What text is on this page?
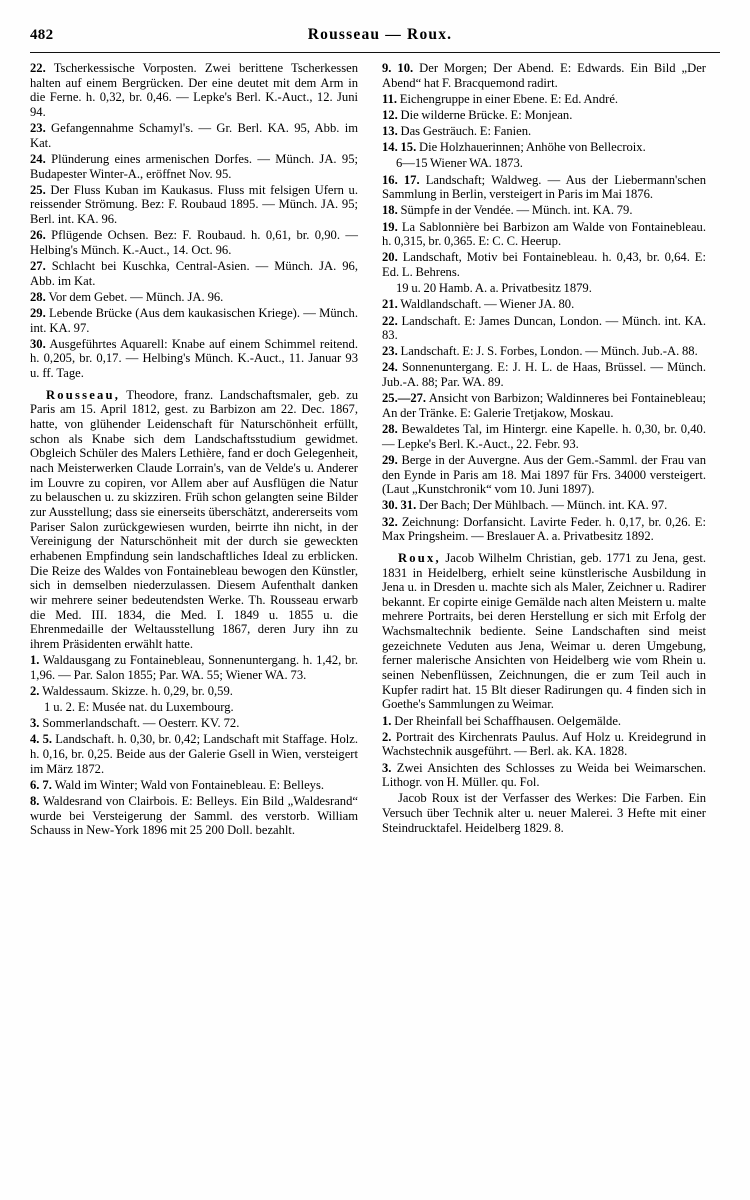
482	Rousseau — Roux.
22. Tscherkessische Vorposten. Zwei berittene Tscherkessen halten auf einem Bergrücken. Der eine deutet mit dem Arm in die Ferne. h. 0,32, br. 0,46. — Lepke's Berl. K.-Auct., 12. Juni 94.
23. Gefangennahme Schamyl's. — Gr. Berl. KA. 95, Abb. im Kat.
24. Plünderung eines armenischen Dorfes. — Münch. JA. 95; Budapester Winter-A., eröffnet Nov. 95.
25. Der Fluss Kuban im Kaukasus. Fluss mit felsigen Ufern u. reissender Strömung. Bez: F. Roubaud 1895. — Münch. JA. 95; Berl. int. KA. 96.
26. Pflügende Ochsen. Bez: F. Roubaud. h. 0,61, br. 0,90. — Helbing's Münch. K.-Auct., 14. Oct. 96.
27. Schlacht bei Kuschka, Central-Asien. — Münch. JA. 96, Abb. im Kat.
28. Vor dem Gebet. — Münch. JA. 96.
29. Lebende Brücke (Aus dem kaukasischen Kriege). — Münch. int. KA. 97.
30. Ausgeführtes Aquarell: Knabe auf einem Schimmel reitend. h. 0,205, br. 0,17. — Helbing's Münch. K.-Auct., 11. Januar 93 u. ff. Tage.
Rousseau, Theodore, franz. Landschaftsmaler, geb. zu Paris am 15. April 1812, gest. zu Barbizon am 22. Dec. 1867, hatte, von glühender Leidenschaft für Naturschönheit erfüllt, schon als Knabe sich dem Landschaftsstudium gewidmet. Obgleich Schüler des Malers Lethière, fand er doch Gelegenheit, nach Meisterwerken Claude Lorrain's, van de Velde's u. Anderer im Louvre zu copiren, vor Allem aber auf Ausflügen die Natur zu belauschen u. zu skizziren. Früh schon gelangten seine Bilder zur Ausstellung; dass sie einerseits überschätzt, andererseits vom Pariser Salon zurückgewiesen wurden, beirrte ihn nicht, in der Vereinigung der Naturschönheit mit der durch sie geweckten erhabenen Empfindung sein landschaftliches Ideal zu erblicken. Die Reize des Waldes von Fontainebleau bewogen den Künstler, sich in demselben niederzulassen. Diesem Aufenthalt danken wir mehrere seiner bedeutendsten Werke. Th. Rousseau erwarb die Med. III. 1834, die Med. I. 1849 u. 1855 u. die Ehrenmedaille der Weltausstellung 1867, deren Jury ihn zu ihrem Präsidenten erwählt hatte.
1. Waldausgang zu Fontainebleau, Sonnenuntergang. h. 1,42, br. 1,96. — Par. Salon 1855; Par. WA. 55; Wiener WA. 73.
2. Waldessaum. Skizze. h. 0,29, br. 0,59.
1 u. 2. E: Musée nat. du Luxembourg.
3. Sommerlandschaft. — Oesterr. KV. 72.
4. 5. Landschaft. h. 0,30, br. 0,42; Landschaft mit Staffage. Holz. h. 0,16, br. 0,25. Beide aus der Galerie Gsell in Wien, versteigert im März 1872.
6. 7. Wald im Winter; Wald von Fontainebleau. E: Belleys.
8. Waldesrand von Clairbois. E: Belleys. Ein Bild „Waldesrand“ wurde bei Versteigerung der Samml. des verstorb. William Schauss in New-York 1896 mit 25 200 Doll. bezahlt.
9. 10. Der Morgen; Der Abend. E: Edwards. Ein Bild „Der Abend“ hat F. Bracquemond radirt.
11. Eichengruppe in einer Ebene. E: Ed. André.
12. Die wilderne Brücke. E: Monjean.
13. Das Gesträuch. E: Fanien.
14. 15. Die Holzhauerinnen; Anhöhe von Bellecroix.
6—15 Wiener WA. 1873.
16. 17. Landschaft; Waldweg. — Aus der Liebermann'schen Sammlung in Berlin, versteigert in Paris im Mai 1876.
18. Sümpfe in der Vendée. — Münch. int. KA. 79.
19. La Sablonnière bei Barbizon am Walde von Fontainebleau. h. 0,315, br. 0,365. E: C. C. Heerup.
20. Landschaft, Motiv bei Fontainebleau. h. 0,43, br. 0,64. E: Ed. L. Behrens.
19 u. 20 Hamb. A. a. Privatbesitz 1879.
21. Waldlandschaft. — Wiener JA. 80.
22. Landschaft. E: James Duncan, London. — Münch. int. KA. 83.
23. Landschaft. E: J. S. Forbes, London. — Münch. Jub.-A. 88.
24. Sonnenuntergang. E: J. H. L. de Haas, Brüssel. — Münch. Jub.-A. 88; Par. WA. 89.
25.—27. Ansicht von Barbizon; Waldinneres bei Fontainebleau; An der Tränke. E: Galerie Tretjakow, Moskau.
28. Bewaldetes Tal, im Hintergr. eine Kapelle. h. 0,30, br. 0,40. — Lepke's Berl. K.-Auct., 22. Febr. 93.
29. Berge in der Auvergne. Aus der Gem.-Samml. der Frau van den Eynde in Paris am 18. Mai 1897 für Frs. 34000 versteigert. (Laut „Kunstchronik“ vom 10. Juni 1897).
30. 31. Der Bach; Der Mühlbach. — Münch. int. KA. 97.
32. Zeichnung: Dorfansicht. Lavirte Feder. h. 0,17, br. 0,26. E: Max Pringsheim. — Breslauer A. a. Privatbesitz 1892.
Roux, Jacob Wilhelm Christian, geb. 1771 zu Jena, gest. 1831 in Heidelberg, erhielt seine künstlerische Ausbildung in Jena u. in Dresden u. machte sich als Maler, Zeichner u. Radirer bekannt. Er copirte einige Gemälde nach alten Meistern u. malte mehrere Portraits, bei deren Herstellung er sich mit Erfolg der Wachsmaltechnik bediente. Seine Landschaften sind meist gezeichnete Veduten aus Jena, Weimar u. deren Umgebung, ferner malerische Ansichten von Heidelberg wie vom Rhein u. seinen Nebenflüssen, Zeichnungen, die er zum Teil auch in Kupfer radirt hat. 15 Blt dieser Radirungen qu. 4 finden sich in Goethe's Sammlungen zu Weimar.
1. Der Rheinfall bei Schaffhausen. Oelgemälde.
2. Portrait des Kirchenrats Paulus. Auf Holz u. Kreidegrund in Wachstechnik ausgeführt. — Berl. ak. KA. 1828.
3. Zwei Ansichten des Schlosses zu Weida bei Weimarschen. Lithogr. von H. Müller. qu. Fol.
Jacob Roux ist der Verfasser des Werkes: Die Farben. Ein Versuch über Technik alter u. neuer Malerei. 3 Hefte mit einer Steindrucktafel. Heidelberg 1829. 8.
